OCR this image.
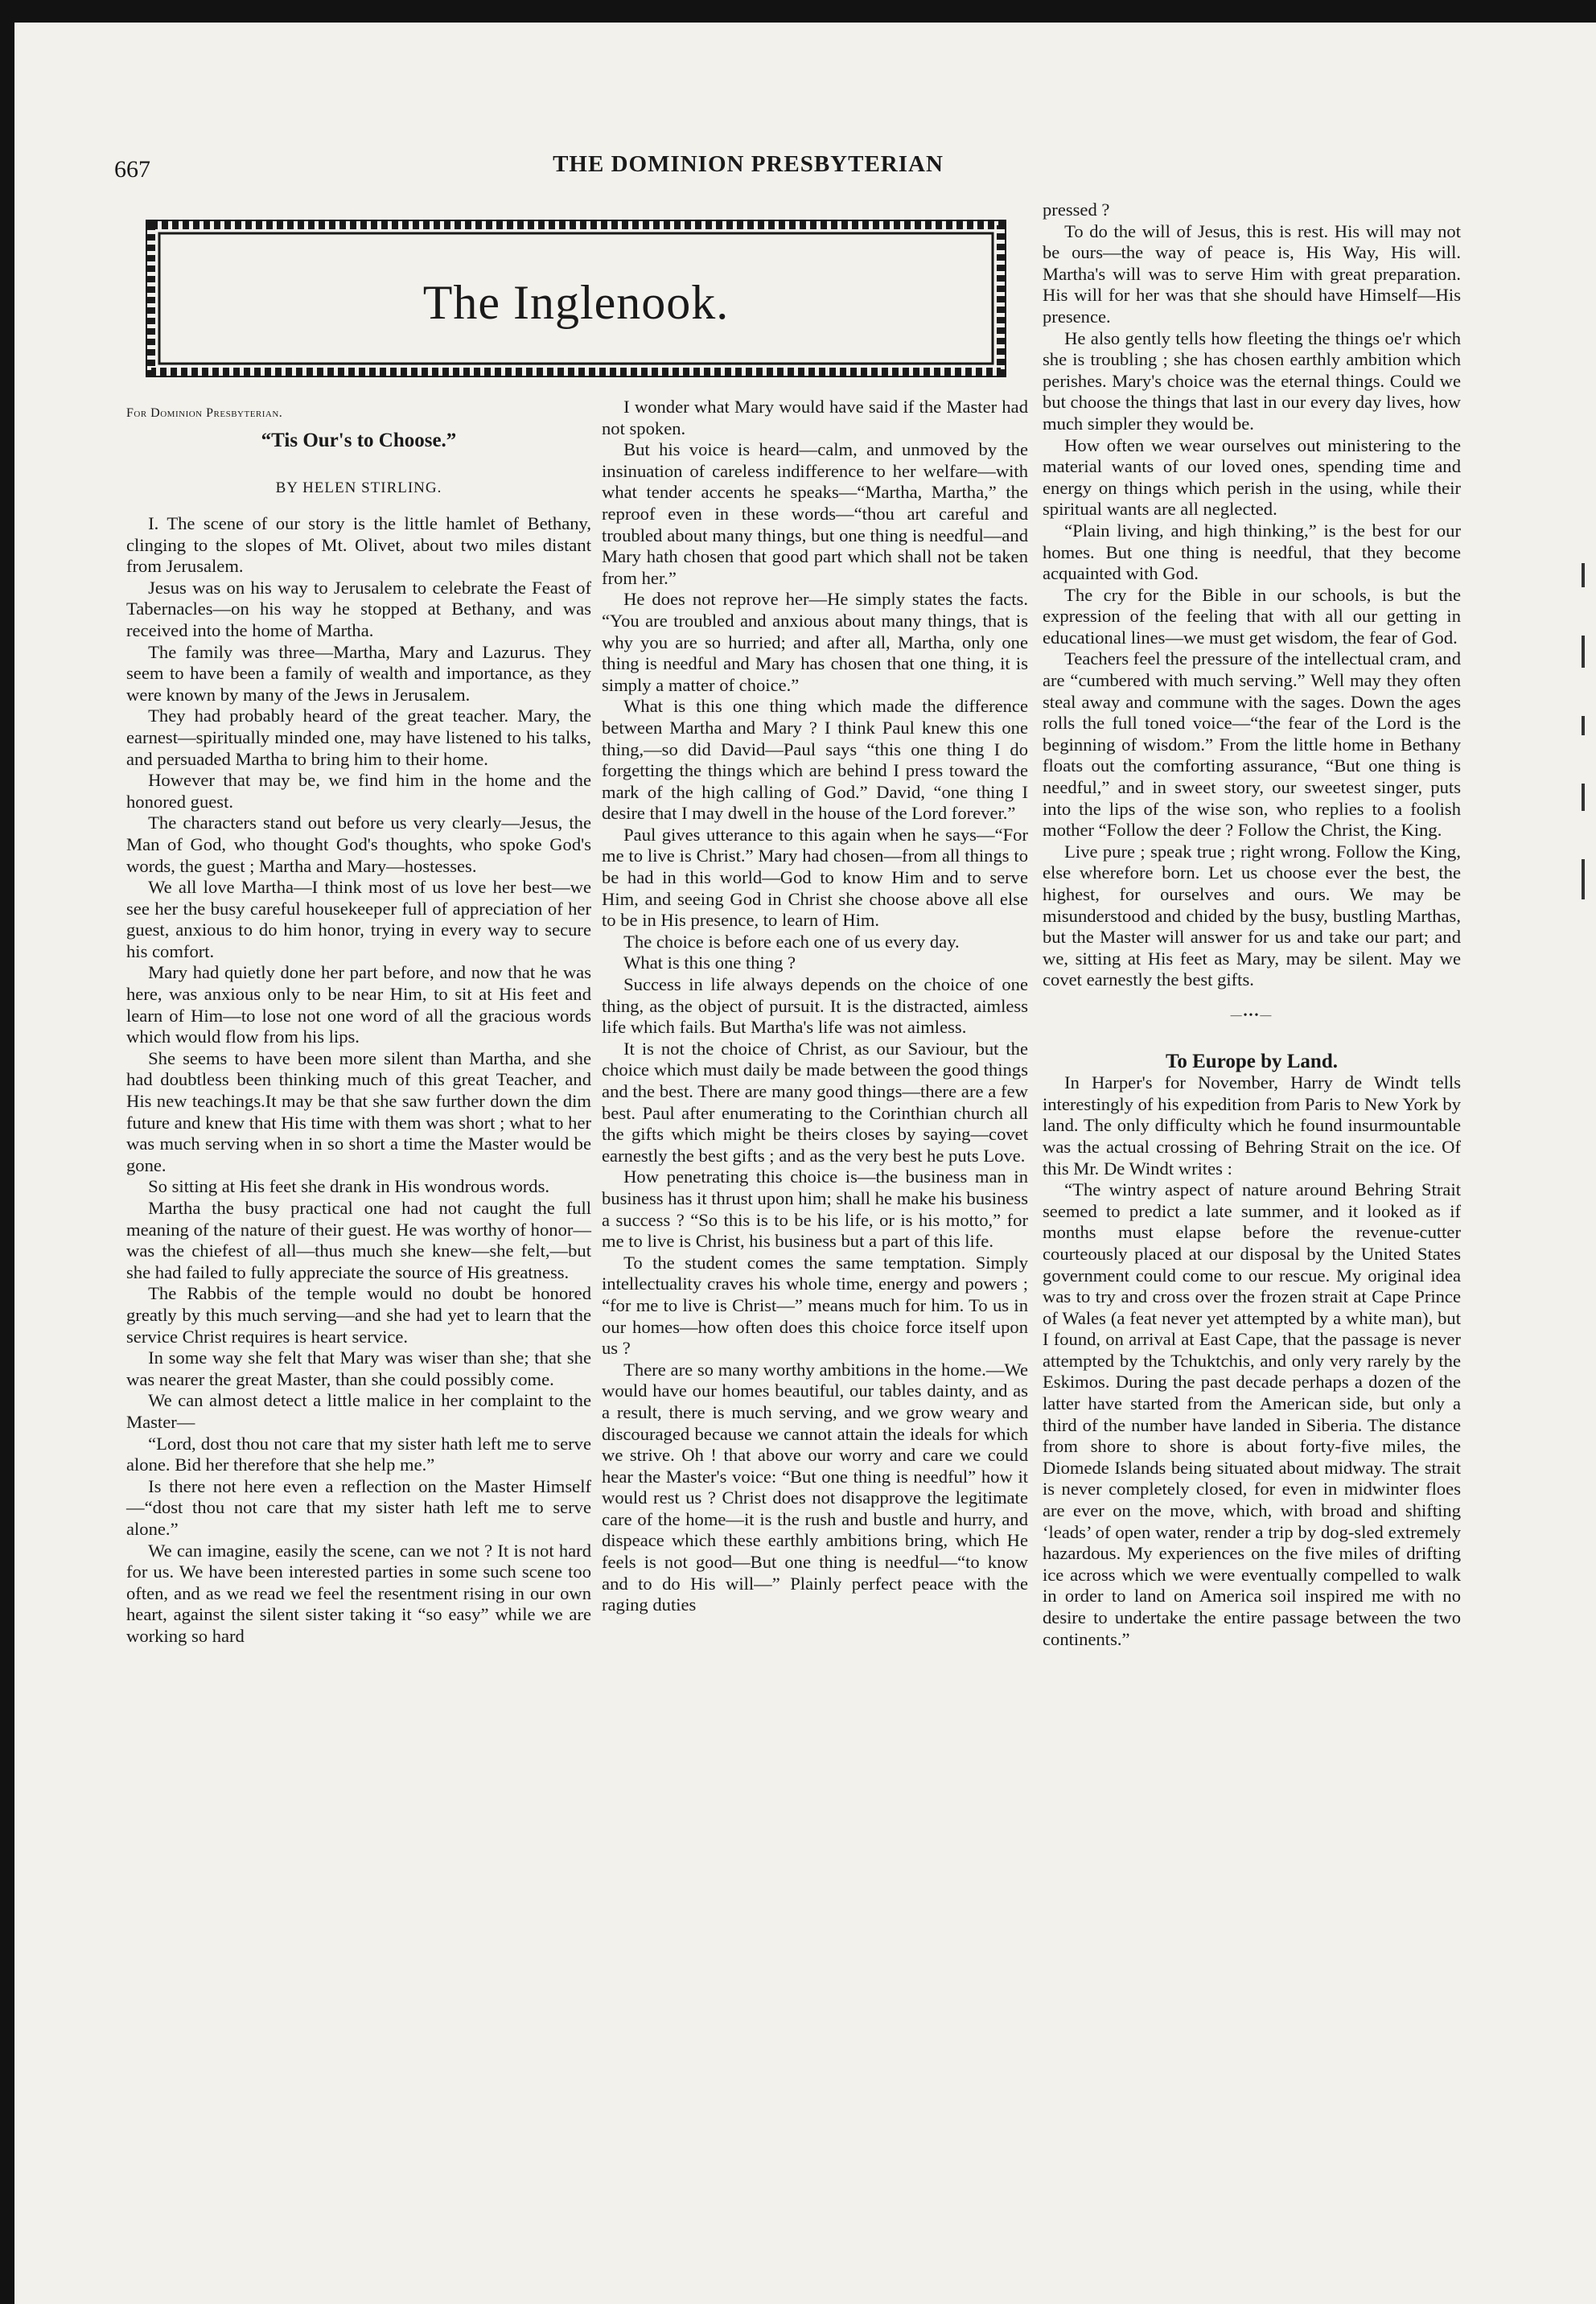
667	THE DOMINION PRESBYTERIAN
The Inglenook.
For Dominion Presbyterian.
“Tis Our's to Choose.”
BY HELEN STIRLING.

I. The scene of our story is the little hamlet of Bethany, clinging to the slopes of Mt. Olivet, about two miles distant from Jerusalem.

Jesus was on his way to Jerusalem to celebrate the Feast of Tabernacles—on his way he stopped at Bethany, and was received into the home of Martha.

The family was three—Martha, Mary and Lazurus. They seem to have been a family of wealth and importance, as they were known by many of the Jews in Jerusalem.

They had probably heard of the great teacher. Mary, the earnest—spiritually minded one, may have listened to his talks, and persuaded Martha to bring him to their home.

However that may be, we find him in the home and the honored guest.

The characters stand out before us very clearly—Jesus, the Man of God, who thought God's thoughts, who spoke God's words, the guest ; Martha and Mary—hostesses.

We all love Martha—I think most of us love her best—we see her the busy careful housekeeper full of appreciation of her guest, anxious to do him honor, trying in every way to secure his comfort.

Mary had quietly done her part before, and now that he was here, was anxious only to be near Him, to sit at His feet and learn of Him—to lose not one word of all the gracious words which would flow from his lips.

She seems to have been more silent than Martha, and she had doubtless been thinking much of this great Teacher, and His new teachings.It may be that she saw further down the dim future and knew that His time with them was short ; what to her was much serving when in so short a time the Master would be gone.

So sitting at His feet she drank in His wondrous words.

Martha the busy practical one had not caught the full meaning of the nature of their guest. He was worthy of honor—was the chiefest of all—thus much she knew—she felt,—but she had failed to fully appreciate the source of His greatness.

The Rabbis of the temple would no doubt be honored greatly by this much serving—and she had yet to learn that the service Christ requires is heart service.

In some way she felt that Mary was wiser than she; that she was nearer the great Master, than she could possibly come.

We can almost detect a little malice in her complaint to the Master—

“Lord, dost thou not care that my sister hath left me to serve alone. Bid her therefore that she help me.”

Is there not here even a reflection on the Master Himself—“dost thou not care that my sister hath left me to serve alone.”

We can imagine, easily the scene, can we not ? It is not hard for us. We have been interested parties in some such scene too often, and as we read we feel the resentment rising in our own heart, against the silent sister taking it “so easy” while we are working so hard

I wonder what Mary would have said if the Master had not spoken.

But his voice is heard—calm, and unmoved by the insinuation of careless indifference to her welfare—with what tender accents he speaks—“Martha, Martha,” the reproof even in these words—“thou art careful and troubled about many things, but one thing is needful—and Mary hath chosen that good part which shall not be taken from her.”

He does not reprove her—He simply states the facts. “You are troubled and anxious about many things, that is why you are so hurried; and after all, Martha, only one thing is needful and Mary has chosen that one thing, it is simply a matter of choice.”

What is this one thing which made the difference between Martha and Mary ? I think Paul knew this one thing,—so did David—Paul says “this one thing I do forgetting the things which are behind I press toward the mark of the high calling of God.” David, “one thing I desire that I may dwell in the house of the Lord forever.”

Paul gives utterance to this again when he says—“For me to live is Christ.” Mary had chosen—from all things to be had in this world—God to know Him and to serve Him, and seeing God in Christ she choose above all else to be in His presence, to learn of Him.

The choice is before each one of us every day.

What is this one thing ?

Success in life always depends on the choice of one thing, as the object of pursuit. It is the distracted, aimless life which fails. But Martha's life was not aimless.

It is not the choice of Christ, as our Saviour, but the choice which must daily be made between the good things and the best. There are many good things—there are a few best. Paul after enumerating to the Corinthian church all the gifts which might be theirs closes by saying—covet earnestly the best gifts ; and as the very best he puts Love.

How penetrating this choice is—the business man in business has it thrust upon him; shall he make his business a success ? “So this is to be his life, or is his motto,” for me to live is Christ, his business but a part of this life.

To the student comes the same temptation. Simply intellectuality craves his whole time, energy and powers ; “for me to live is Christ—” means much for him. To us in our homes—how often does this choice force itself upon us ?

There are so many worthy ambitions in the home.—We would have our homes beautiful, our tables dainty, and as a result, there is much serving, and we grow weary and discouraged because we cannot attain the ideals for which we strive. Oh ! that above our worry and care we could hear the Master's voice: “But one thing is needful” how it would rest us ? Christ does not disapprove the legitimate care of the home—it is the rush and bustle and hurry, and dispeace which these earthly ambitions bring, which He feels is not good—But one thing is needful—“to know and to do His will—” Plainly perfect peace with the raging duties

pressed ?

To do the will of Jesus, this is rest. His will may not be ours—the way of peace is, His Way, His will. Martha's will was to serve Him with great preparation. His will for her was that she should have Himself—His presence.

He also gently tells how fleeting the things oe'r which she is troubling ; she has chosen earthly ambition which perishes. Mary's choice was the eternal things. Could we but choose the things that last in our every day lives, how much simpler they would be.

How often we wear ourselves out ministering to the material wants of our loved ones, spending time and energy on things which perish in the using, while their spiritual wants are all neglected.

“Plain living, and high thinking,” is the best for our homes. But one thing is needful, that they become acquainted with God.

The cry for the Bible in our schools, is but the expression of the feeling that with all our getting in educational lines—we must get wisdom, the fear of God.

Teachers feel the pressure of the intellectual cram, and are “cumbered with much serving.” Well may they often steal away and commune with the sages. Down the ages rolls the full toned voice—“the fear of the Lord is the beginning of wisdom.” From the little home in Bethany floats out the comforting assurance, “But one thing is needful,” and in sweet story, our sweetest singer, puts into the lips of the wise son, who replies to a foolish mother “Follow the deer ? Follow the Christ, the King.

Live pure ; speak true ; right wrong. Follow the King, else wherefore born. Let us choose ever the best, the highest, for ourselves and ours. We may be misunderstood and chided by the busy, bustling Marthas, but the Master will answer for us and take our part; and we, sitting at His feet as Mary, may be silent. May we covet earnestly the best gifts.

—•••—

To Europe by Land.

In Harper's for November, Harry de Windt tells interestingly of his expedition from Paris to New York by land. The only difficulty which he found insurmountable was the actual crossing of Behring Strait on the ice. Of this Mr. De Windt writes :

“The wintry aspect of nature around Behring Strait seemed to predict a late summer, and it looked as if months must elapse before the revenue-cutter courteously placed at our disposal by the United States government could come to our rescue. My original idea was to try and cross over the frozen strait at Cape Prince of Wales (a feat never yet attempted by a white man), but I found, on arrival at East Cape, that the passage is never attempted by the Tchuktchis, and only very rarely by the Eskimos. During the past decade perhaps a dozen of the latter have started from the American side, but only a third of the number have landed in Siberia. The distance from shore to shore is about forty-five miles, the Diomede Islands being situated about midway. The strait is never completely closed, for even in midwinter floes are ever on the move, which, with broad and shifting ‘leads’ of open water, render a trip by dog-sled extremely hazardous. My experiences on the five miles of drifting ice across which we were eventually compelled to walk in order to land on America soil inspired me with no desire to undertake the entire passage between the two continents.”
